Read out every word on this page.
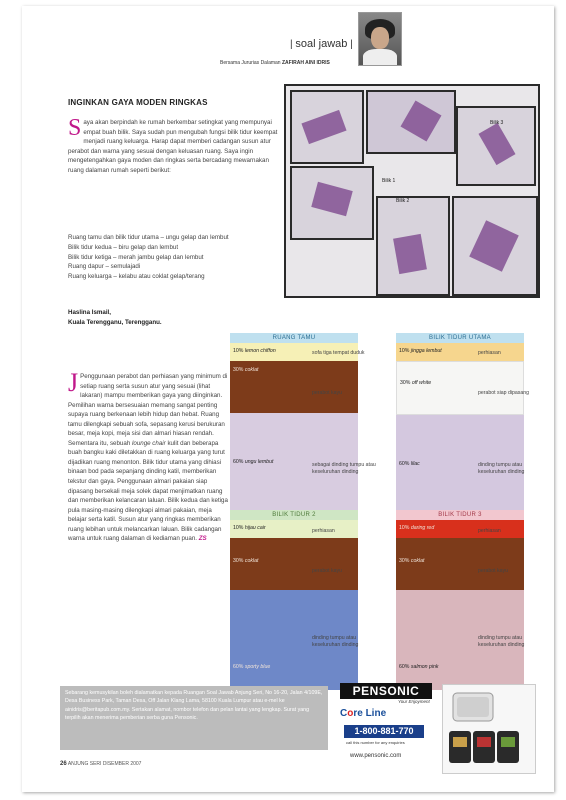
| soal jawab |
Bersama Jururias Dalaman ZAFIRAH AINI IDRIS
INGINKAN GAYA MODEN RINGKAS
Saya akan berpindah ke rumah berkembar setingkat yang mempunyai empat buah bilik. Saya sudah pun mengubah fungsi bilik tidur keempat menjadi ruang keluarga. Harap dapat memberi cadangan susun atur perabot dan warna yang sesuai dengan keluasan ruang. Saya ingin mengetengahkan gaya moden dan ringkas serta bercadang mewarnakan ruang dalaman rumah seperti berikut:
Ruang tamu dan bilik tidur utama – ungu gelap dan lembut
Bilik tidur kedua – biru gelap dan lembut
Bilik tidur ketiga – merah jambu gelap dan lembut
Ruang dapur – semulajadi
Ruang keluarga – kelabu atau coklat gelap/terang
Haslina Ismail,
Kuala Terengganu, Terengganu.
Bilik 1
Bilik 2
Bilik 3
J Penggunaan perabot dan perhiasan yang minimum di setiap ruang serta susun atur yang sesuai (lihat lakaran) mampu memberikan gaya yang diinginkan. Pemilihan warna bersesuaian memang sangat penting supaya ruang berkenaan lebih hidup dan hebat. Ruang tamu dilengkapi sebuah sofa, sepasang kerusi berukuran besar, meja kopi, meja sisi dan almari hiasan rendah. Sementara itu, sebuah lounge chair kulit dan beberapa buah bangku kaki diletakkan di ruang keluarga yang turut dijadikan ruang menonton. Bilik tidur utama yang dihiasi binaan bod pada sepanjang dinding katil, memberikan tekstur dan gaya. Penggunaan almari pakaian siap dipasang bersekali meja solek dapat menjimatkan ruang dan memberikan kelancaran laluan. Bilik kedua dan ketiga pula masing-masing dilengkapi almari pakaian, meja belajar serta katil. Susun atur yang ringkas memberikan ruang lebihan untuk melancarkan laluan. Bilik cadangan warna untuk ruang dalaman di kediaman puan. ZS
RUANG TAMU
10% lemon chiffon
30% coklat
60% ungu lembut
sofa tiga tempat duduk
perabot kayu
sebagai dinding tumpu atau keseluruhan dinding
BILIK TIDUR UTAMA
10% jingga lembut
30% off white
60% lilac
perhiasan
perabot siap dipasang
dinding tumpu atau keseluruhan dinding
BILIK TIDUR 2
10% hijau cair
30% coklat
60% sporty blue
perhiasan
perabot kayu
dinding tumpu atau keseluruhan dinding
BILIK TIDUR 3
10% daring red
30% coklat
60% salmon pink
perhiasan
perabot kayu
dinding tumpu atau keseluruhan dinding

Sebarang kemusykilan boleh dialamatkan kepada Ruangan Soal Jawab Anjung Seri, No 16-20, Jalan 4/109E, Desa Business Park, Taman Desa, Off Jalan Klang Lama, 58100 Kuala Lumpur atau e-mel ke ainidris@beritapub.com.my. Sertakan alamat, nombor telefon dan pelan lantai yang lengkap. Surat yang terpilih akan menerima pemberian serba guna Pensonic.

PENSONIC
Your Enjoyment
Core Line
1-800-881-770
call this number for any enquiries
www.pensonic.com
26 ANJUNG SERI DISEMBER 2007
